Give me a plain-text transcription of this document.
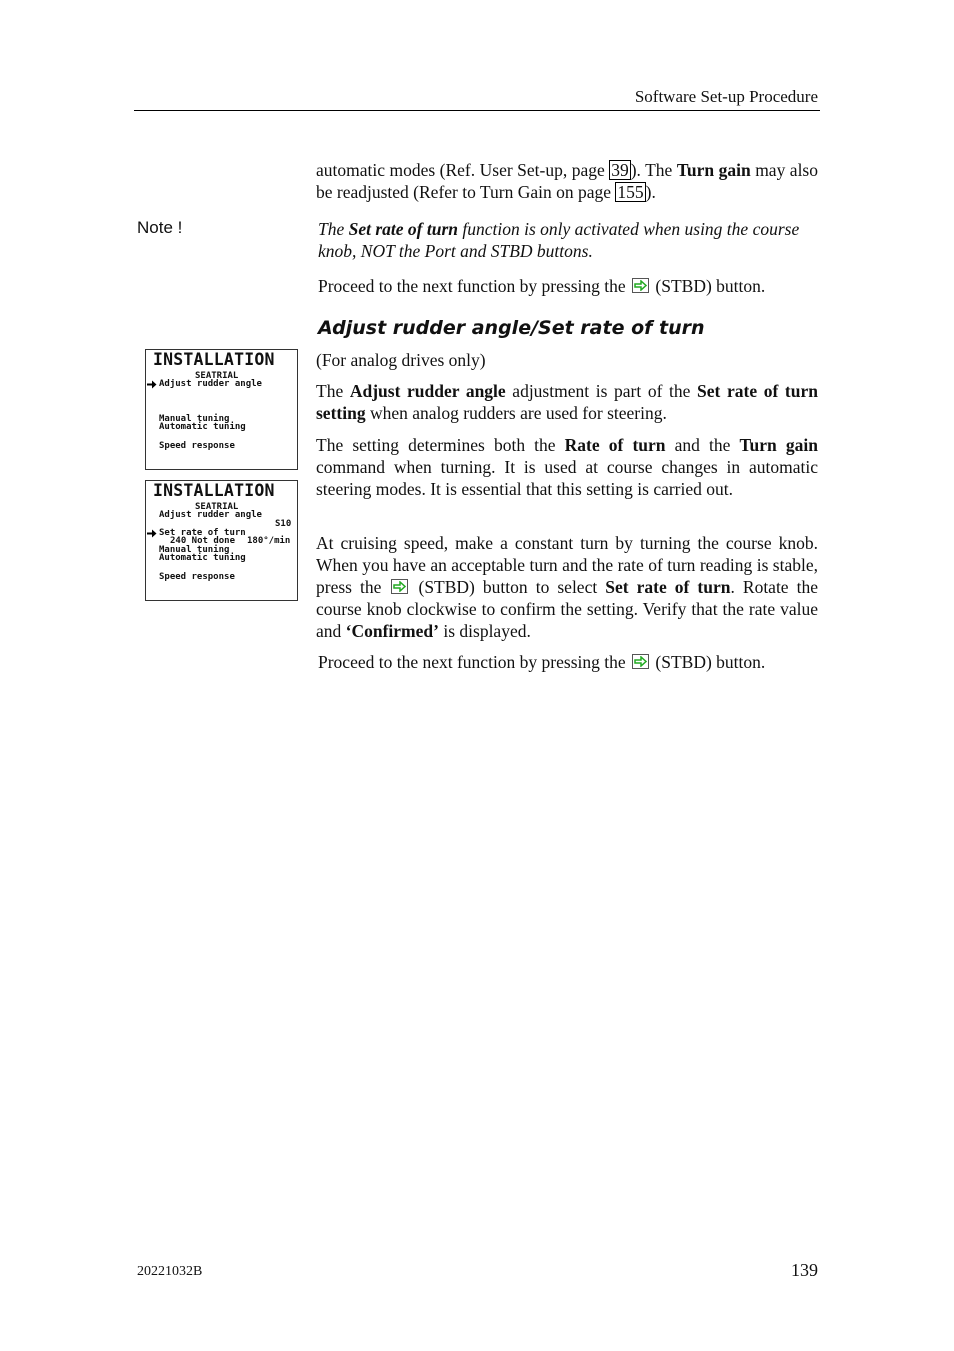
Software Set-up Procedure
automatic modes (Ref. User Set-up, page 39 ). The Turn gain may also be readjusted (Refer to Turn Gain on page 155 ).
Note !	The Set rate of turn function is only activated when using the course knob, NOT the Port and STBD buttons.
Proceed to the next function by pressing the
(STBD) button.
Adjust rudder angle/Set rate of turn
(For analog drives only)
The Adjust rudder angle adjustment is part of the Set rate of turn setting when analog rudders are used for steering.
The setting determines both the Rate of turn and the Turn gain command when turning. It is used at course changes in automatic steering modes. It is essential that this setting is carried out.
At cruising speed, make a constant turn by turning the course knob. When you have an acceptable turn and the rate of turn reading is stable, press the
(STBD) button to select Set rate of turn. Rotate the course knob clockwise to confirm the setting. Verify that the rate value and ‘Confirmed’ is displayed.
Proceed to the next function by pressing the
(STBD) button.
INSTALLATION
SEATRIAL
Adjust rudder angle
Manual tuning
Automatic tuning
Speed response
INSTALLATION
SEATRIAL
Adjust rudder angle
S10
Set rate of turn
240 Not done 180°/min
Manual tuning
Automatic tuning
Speed response
20221032B	139
